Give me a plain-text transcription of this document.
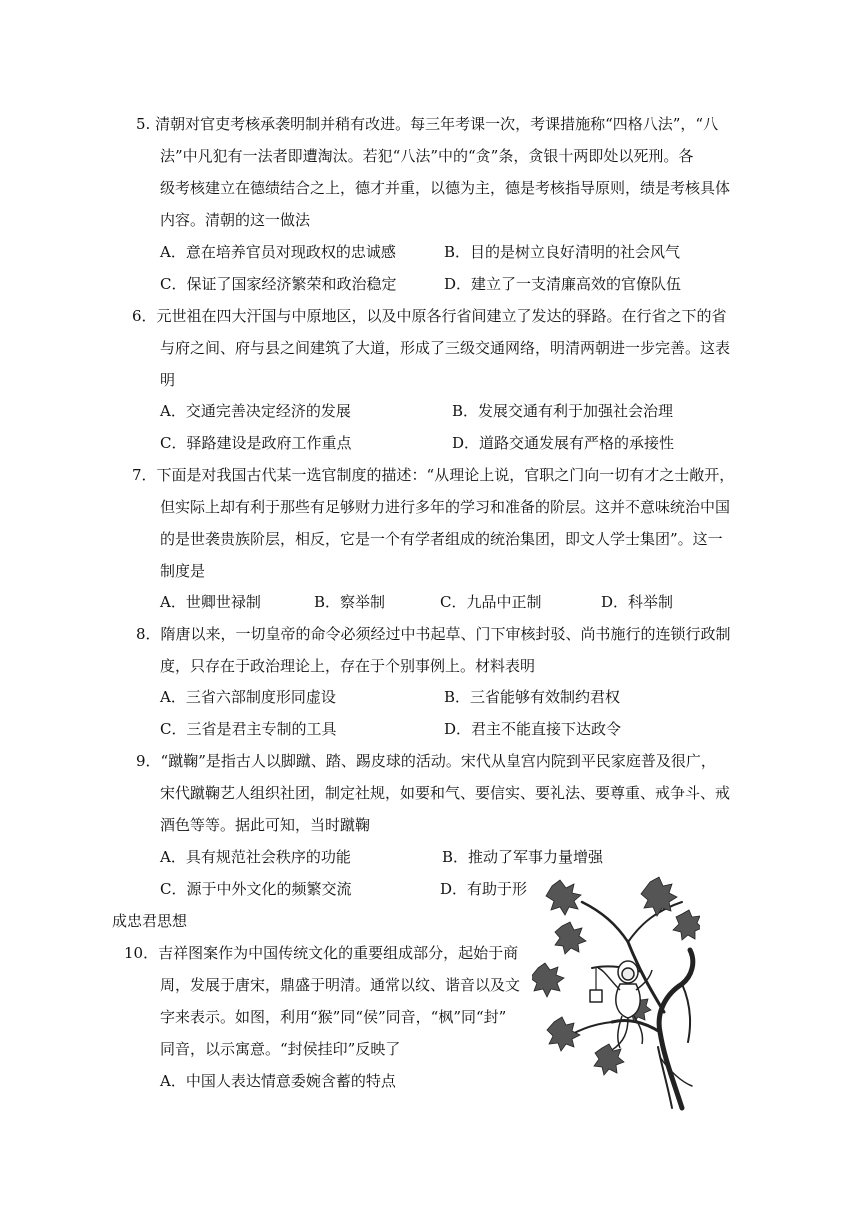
5. 清朝对官吏考核承袭明制并稍有改进。每三年考课一次，考课措施称“四格八法”，“八
法”中凡犯有一法者即遭淘汰。若犯“八法”中的“贪”条，贪银十两即处以死刑。各
级考核建立在德绩结合之上，德才并重，以德为主，德是考核指导原则，绩是考核具体
内容。清朝的这一做法
A．意在培养官员对现政权的忠诚感	B．目的是树立良好清明的社会风气
C．保证了国家经济繁荣和政治稳定	D．建立了一支清廉高效的官僚队伍
6．元世祖在四大汗国与中原地区，以及中原各行省间建立了发达的驿路。在行省之下的省
与府之间、府与县之间建筑了大道，形成了三级交通网络，明清两朝进一步完善。这表
明
A．交通完善决定经济的发展	B．发展交通有利于加强社会治理
C．驿路建设是政府工作重点	D．道路交通发展有严格的承接性
7．下面是对我国古代某一选官制度的描述：“从理论上说，官职之门向一切有才之士敞开，
但实际上却有利于那些有足够财力进行多年的学习和准备的阶层。这并不意味统治中国
的是世袭贵族阶层，相反，它是一个有学者组成的统治集团，即文人学士集团”。这一
制度是
A．世卿世禄制	B．察举制	C．九品中正制	D．科举制
8．隋唐以来，一切皇帝的命令必须经过中书起草、门下审核封驳、尚书施行的连锁行政制
度，只存在于政治理论上，存在于个别事例上。材料表明
A．三省六部制度形同虚设	B．三省能够有效制约君权
C．三省是君主专制的工具	D．君主不能直接下达政令
9．“蹴鞠”是指古人以脚蹴、踏、踢皮球的活动。宋代从皇宫内院到平民家庭普及很广，
宋代蹴鞠艺人组织社团，制定社规，如要和气、要信实、要礼法、要尊重、戒争斗、戒
酒色等等。据此可知，当时蹴鞠
A．具有规范社会秩序的功能	B．推动了军事力量增强
C．源于中外文化的频繁交流	D．有助于形
成忠君思想
10．吉祥图案作为中国传统文化的重要组成部分，起始于商
周，发展于唐宋，鼎盛于明清。通常以纹、谐音以及文
字来表示。如图，利用“猴”同“侯”同音，“枫”同“封”
同音，以示寓意。“封侯挂印”反映了
A．中国人表达情意委婉含蓄的特点
